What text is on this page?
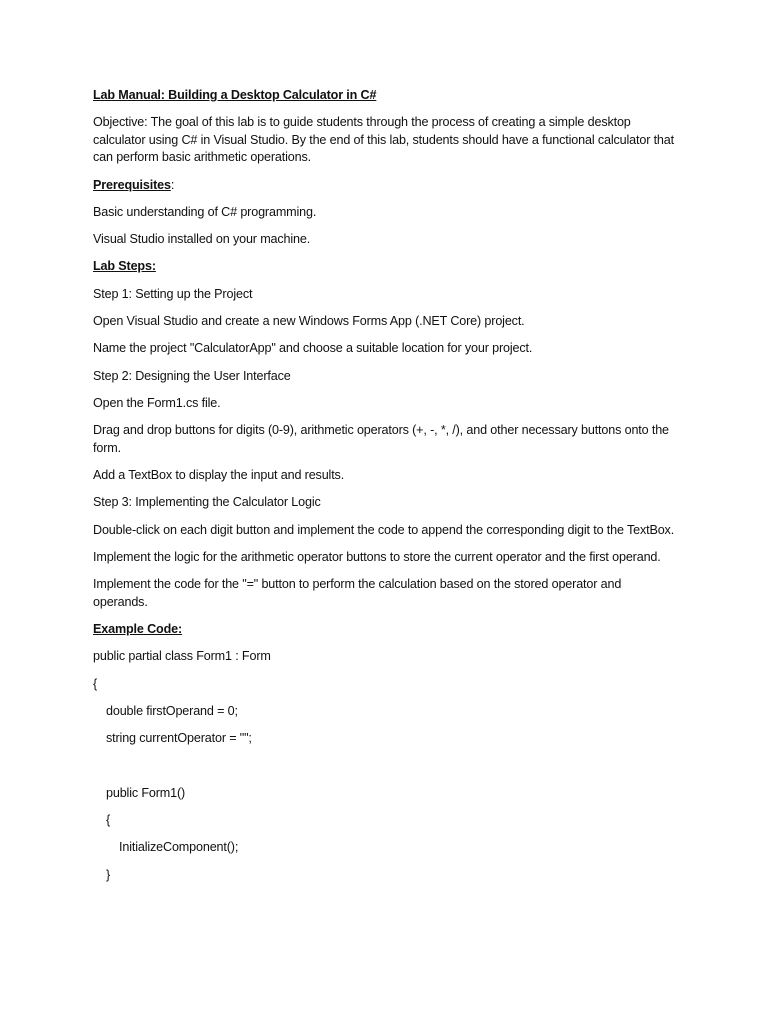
Lab Manual: Building a Desktop Calculator in C#

Objective: The goal of this lab is to guide students through the process of creating a simple desktop calculator using C# in Visual Studio. By the end of this lab, students should have a functional calculator that can perform basic arithmetic operations.

Prerequisites:

Basic understanding of C# programming.

Visual Studio installed on your machine.

Lab Steps:

Step 1: Setting up the Project

Open Visual Studio and create a new Windows Forms App (.NET Core) project.

Name the project "CalculatorApp" and choose a suitable location for your project.

Step 2: Designing the User Interface

Open the Form1.cs file.

Drag and drop buttons for digits (0-9), arithmetic operators (+, -, *, /), and other necessary buttons onto the form.

Add a TextBox to display the input and results.

Step 3: Implementing the Calculator Logic

Double-click on each digit button and implement the code to append the corresponding digit to the TextBox.

Implement the logic for the arithmetic operator buttons to store the current operator and the first operand.

Implement the code for the "=" button to perform the calculation based on the stored operator and operands.

Example Code:

public partial class Form1 : Form
{
double firstOperand = 0;
string currentOperator = "";
public Form1()
{
InitializeComponent();
}
